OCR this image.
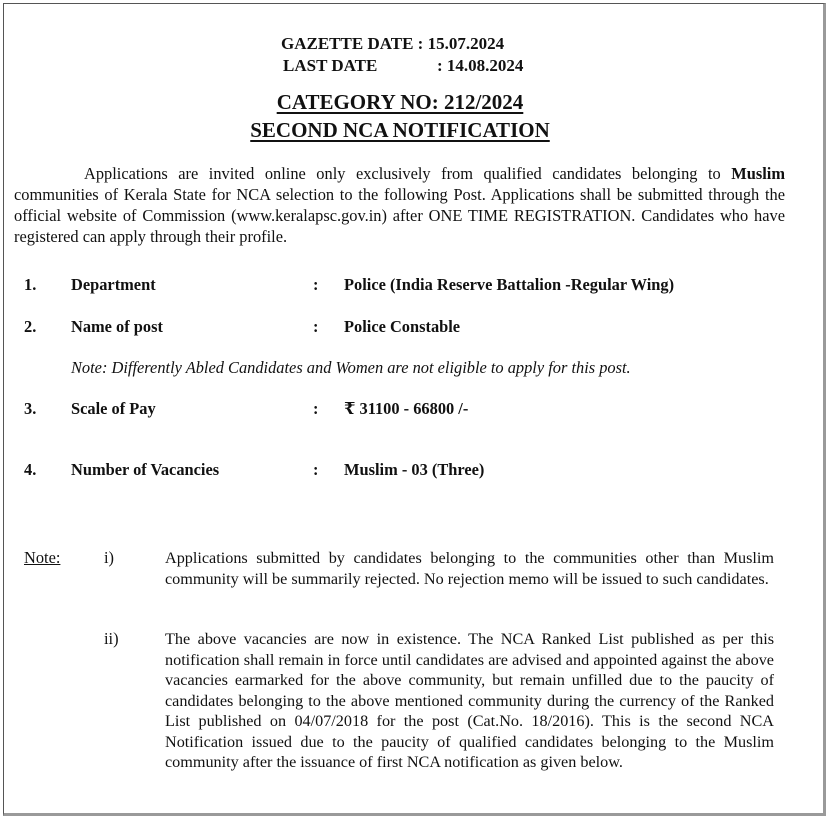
GAZETTE DATE : 15.07.2024
LAST DATE	: 14.08.2024
CATEGORY NO: 212/2024
SECOND NCA NOTIFICATION
Applications are invited online only exclusively from qualified candidates belonging to Muslim communities of Kerala State for NCA selection to the following Post. Applications shall be submitted through the official website of Commission (www.keralapsc.gov.in) after ONE TIME REGISTRATION. Candidates who have registered can apply through their profile.
1. Department	: Police (India Reserve Battalion -Regular Wing)
2. Name of post	: Police Constable
Note: Differently Abled Candidates and Women are not eligible to apply for this post.
3. Scale of Pay	: ₹ 31100 - 66800 /-
4. Number of Vacancies	: Muslim - 03 (Three)
Note:	i)	Applications submitted by candidates belonging to the communities other than Muslim community will be summarily rejected. No rejection memo will be issued to such candidates.
ii)	The above vacancies are now in existence. The NCA Ranked List published as per this notification shall remain in force until candidates are advised and appointed against the above vacancies earmarked for the above community, but remain unfilled due to the paucity of candidates belonging to the above mentioned community during the currency of the Ranked List published on 04/07/2018 for the post (Cat.No. 18/2016). This is the second NCA Notification issued due to the paucity of qualified candidates belonging to the Muslim community after the issuance of first NCA notification as given below.
